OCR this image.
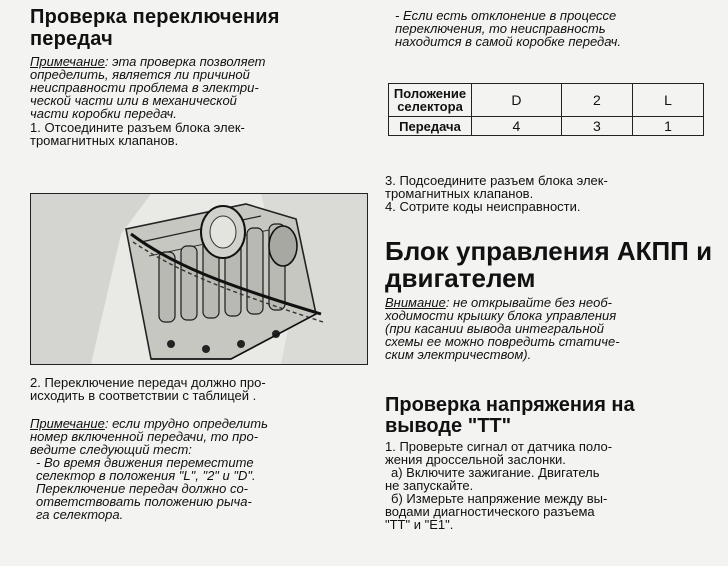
Проверка переключения
передач

Примечание: эта проверка позволяет

определить, является ли причиной

неисправности проблема в электри-

ческой части или в механической

части коробки передач.

1. Отсоедините разъем блока элек-

тромагнитных клапанов.

2. Переключение передач должно про-

исходить в соответствии с таблицей .

Примечание: если трудно определить

номер включенной передачи, то про-

ведите следующий тест:

- Во время движения переместите

селектор в положения "L", "2" и "D".

Переключение передач должно со-

ответствовать положению рычa-

га селектора.

- Если есть отклонение в процессе

переключения, то неисправность

находится в самой коробке передач.

Положение
селектора	D	2	L
Передача	4	3	1

3. Подсоедините разъем блока элек-

тромагнитных клапанов.

4. Сотрите коды неисправности.

Блок управления АКПП и
двигателем

Внимание: не открывайте без необ-

ходимости крышку блока управления

(при касании вывода интегральной

схемы ее можно повредить статиче-

ским электричеством).

Проверка напряжения на
выводе "ТТ"

1. Проверьте сигнал от датчика поло-

жения дроссельной заслонки.

а) Включите зажигание. Двигатель

не запускайте.

б) Измерьте напряжение между вы-

водами диагностического разъема

"TT" и "E1".
